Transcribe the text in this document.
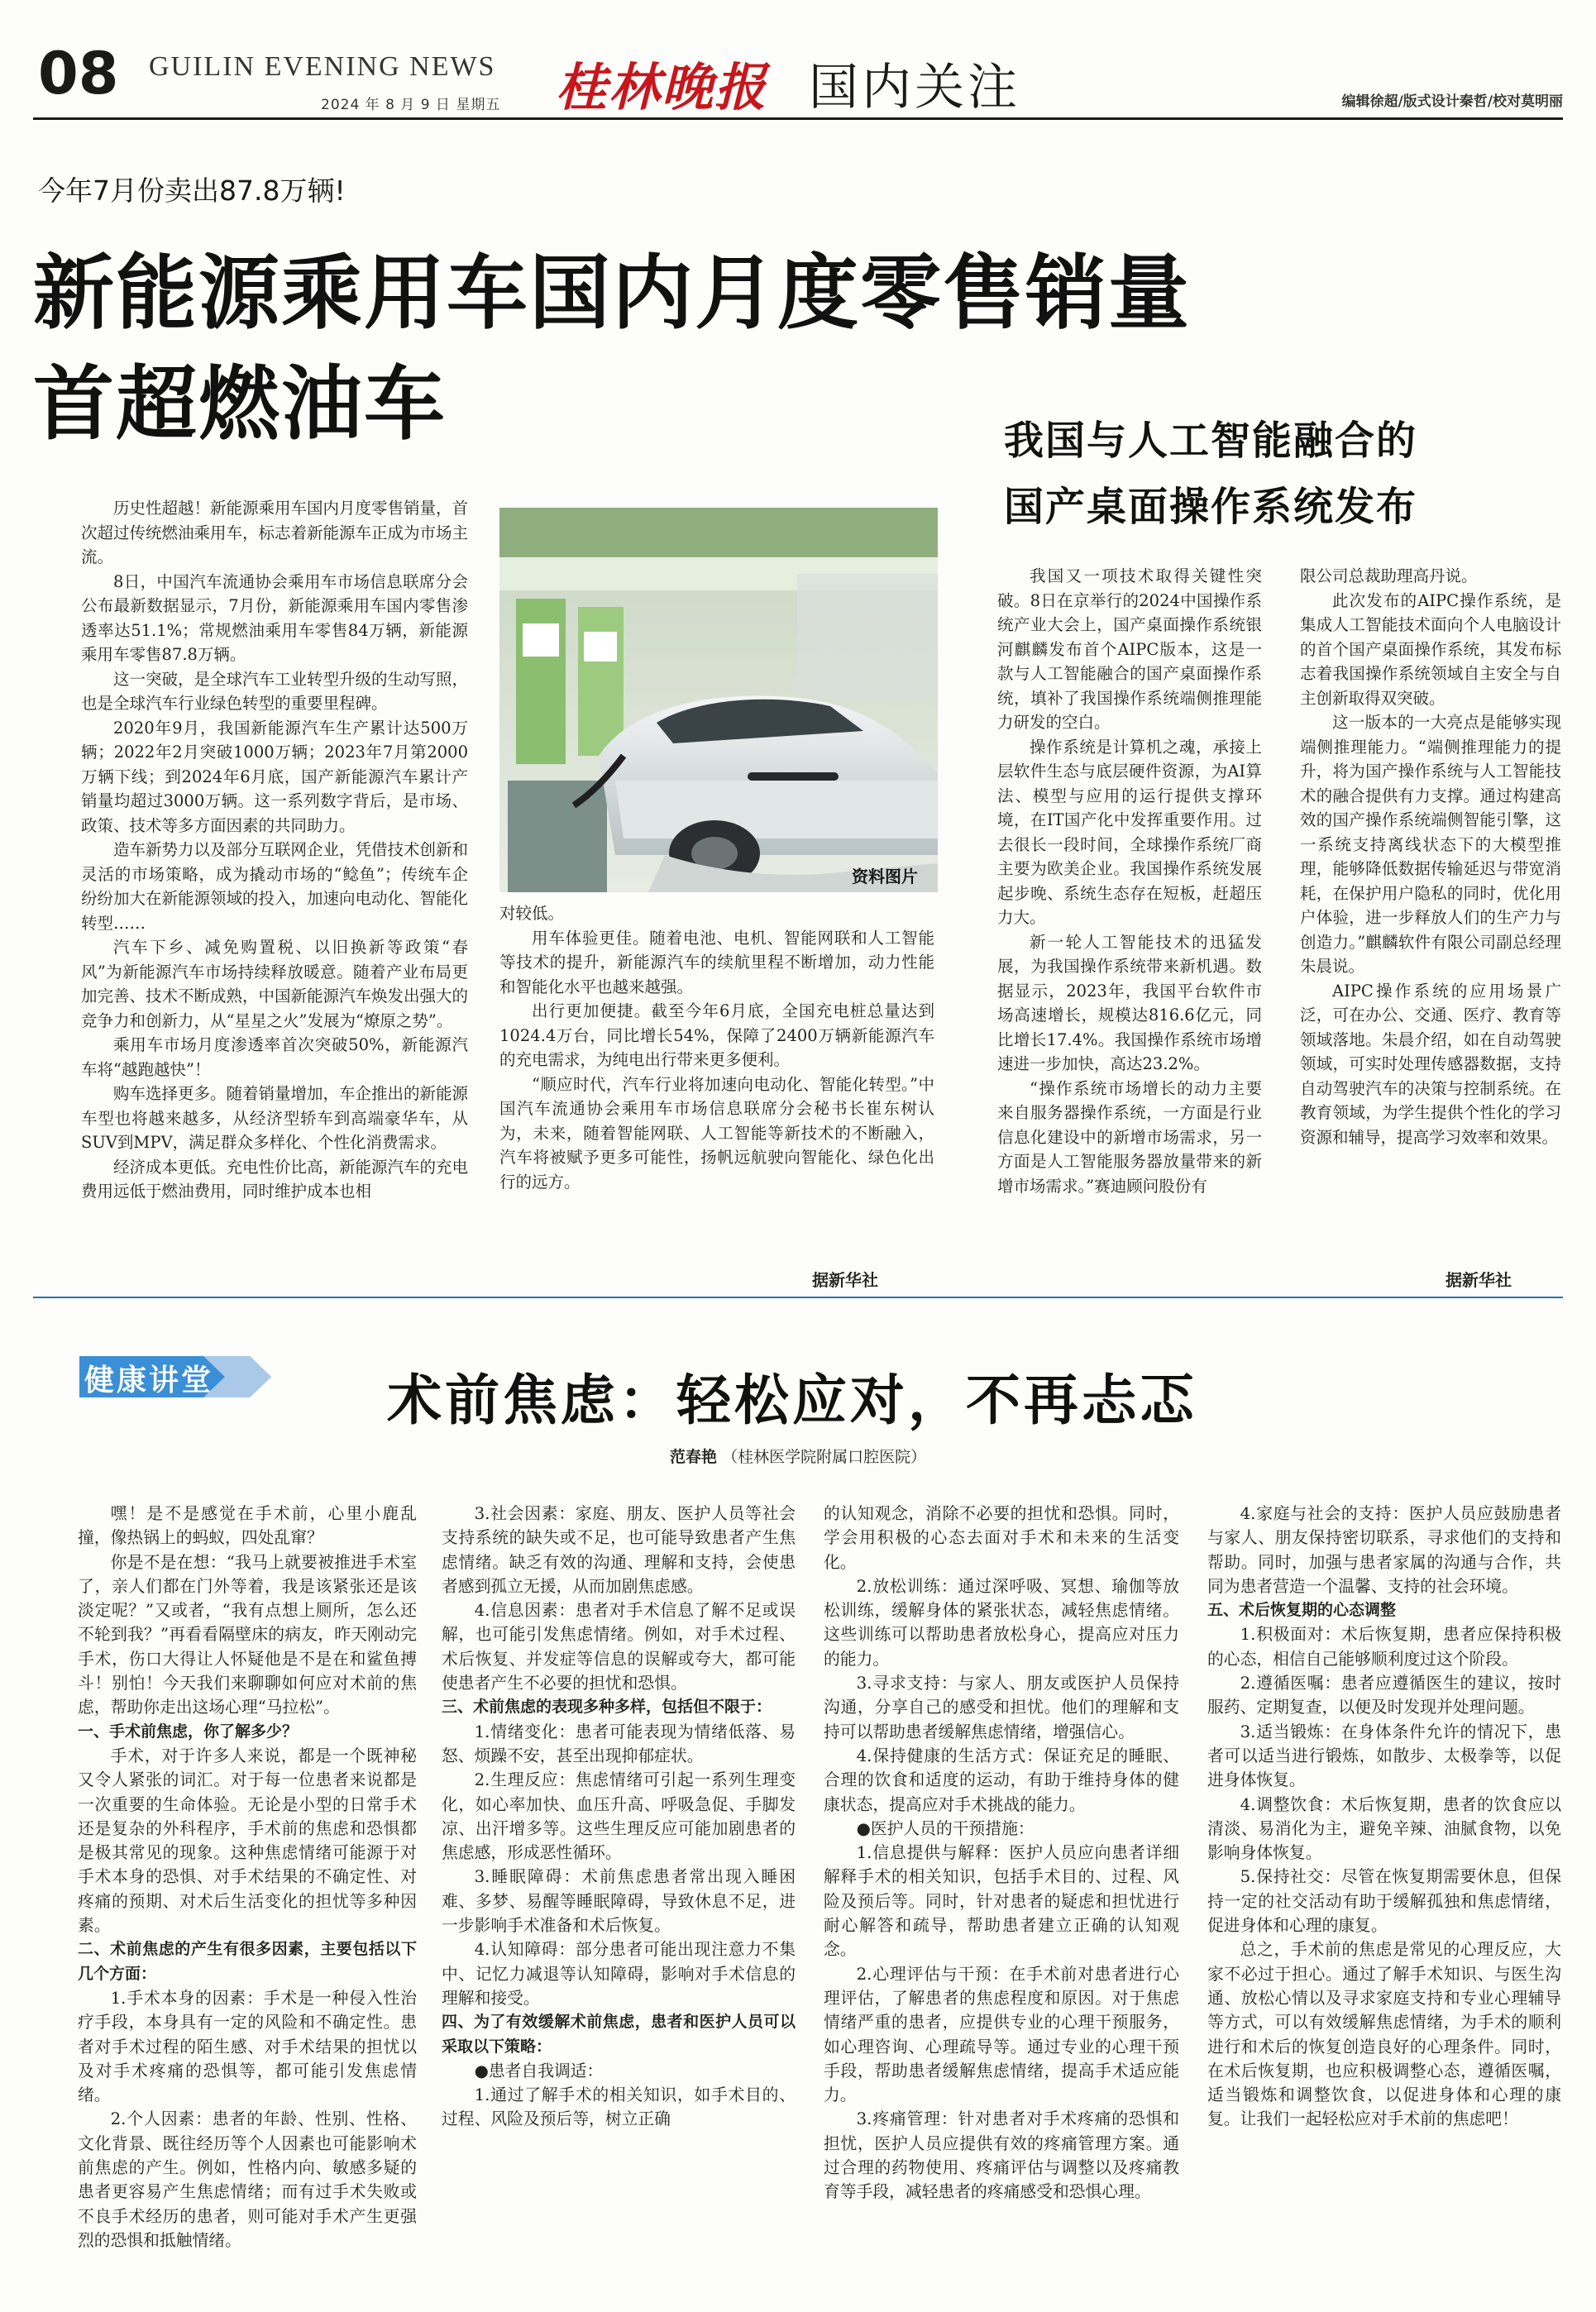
08 GUILIN EVENING NEWS
2024 年 8 月 9 日 星期五 桂林晚报 国内关注	编辑徐超/版式设计秦哲/校对莫明丽
今年7月份卖出87.8万辆!
新能源乘用车国内月度零售销量
首超燃油车

历史性超越！新能源乘用车国内月度零售销量，首次超过传统燃油乘用车，标志着新能源车正成为市场主流。

8日，中国汽车流通协会乘用车市场信息联席分会公布最新数据显示，7月份，新能源乘用车国内零售渗透率达51.1%；常规燃油乘用车零售84万辆，新能源乘用车零售87.8万辆。

这一突破，是全球汽车工业转型升级的生动写照，也是全球汽车行业绿色转型的重要里程碑。

2020年9月，我国新能源汽车生产累计达500万辆；2022年2月突破1000万辆；2023年7月第2000万辆下线；到2024年6月底，国产新能源汽车累计产销量均超过3000万辆。这一系列数字背后，是市场、政策、技术等多方面因素的共同助力。

造车新势力以及部分互联网企业，凭借技术创新和灵活的市场策略，成为撬动市场的“鲶鱼”；传统车企纷纷加大在新能源领域的投入，加速向电动化、智能化转型……

汽车下乡、减免购置税、以旧换新等政策“春风”为新能源汽车市场持续释放暖意。随着产业布局更加完善、技术不断成熟，中国新能源汽车焕发出强大的竞争力和创新力，从“星星之火”发展为“燎原之势”。

乘用车市场月度渗透率首次突破50%，新能源汽车将“越跑越快”！

购车选择更多。随着销量增加，车企推出的新能源车型也将越来越多，从经济型轿车到高端豪华车，从SUV到MPV，满足群众多样化、个性化消费需求。

经济成本更低。充电性价比高，新能源汽车的充电费用远低于燃油费用，同时维护成本也相

对较低。

用车体验更佳。随着电池、电机、智能网联和人工智能等技术的提升，新能源汽车的续航里程不断增加，动力性能和智能化水平也越来越强。

出行更加便捷。截至今年6月底，全国充电桩总量达到1024.4万台，同比增长54%，保障了2400万辆新能源汽车的充电需求，为纯电出行带来更多便利。

“顺应时代，汽车行业将加速向电动化、智能化转型。”中国汽车流通协会乘用车市场信息联席分会秘书长崔东树认为，未来，随着智能网联、人工智能等新技术的不断融入，汽车将被赋予更多可能性，扬帆远航驶向智能化、绿色化出行的远方。

据新华社
资料图片
我国与人工智能融合的
国产桌面操作系统发布

我国又一项技术取得关键性突破。8日在京举行的2024中国操作系统产业大会上，国产桌面操作系统银河麒麟发布首个AIPC版本，这是一款与人工智能融合的国产桌面操作系统，填补了我国操作系统端侧推理能力研发的空白。

操作系统是计算机之魂，承接上层软件生态与底层硬件资源，为AI算法、模型与应用的运行提供支撑环境，在IT国产化中发挥重要作用。过去很长一段时间，全球操作系统厂商主要为欧美企业。我国操作系统发展起步晚、系统生态存在短板，赶超压力大。

新一轮人工智能技术的迅猛发展，为我国操作系统带来新机遇。数据显示，2023年，我国平台软件市场高速增长，规模达816.6亿元，同比增长17.4%。我国操作系统市场增速进一步加快，高达23.2%。

“操作系统市场增长的动力主要来自服务器操作系统，一方面是行业信息化建设中的新增市场需求，另一方面是人工智能服务器放量带来的新增市场需求。”赛迪顾问股份有

限公司总裁助理高丹说。

此次发布的AIPC操作系统，是集成人工智能技术面向个人电脑设计的首个国产桌面操作系统，其发布标志着我国操作系统领域自主安全与自主创新取得双突破。

这一版本的一大亮点是能够实现端侧推理能力。“端侧推理能力的提升，将为国产操作系统与人工智能技术的融合提供有力支撑。通过构建高效的国产操作系统端侧智能引擎，这一系统支持离线状态下的大模型推理，能够降低数据传输延迟与带宽消耗，在保护用户隐私的同时，优化用户体验，进一步释放人们的生产力与创造力。”麒麟软件有限公司副总经理朱晨说。

AIPC操作系统的应用场景广泛，可在办公、交通、医疗、教育等领域落地。朱晨介绍，如在自动驾驶领域，可实时处理传感器数据，支持自动驾驶汽车的决策与控制系统。在教育领域，为学生提供个性化的学习资源和辅导，提高学习效率和效果。

据新华社
健康讲堂	术前焦虑：轻松应对，不再忐忑
范春艳 （桂林医学院附属口腔医院）

嘿！是不是感觉在手术前，心里小鹿乱撞，像热锅上的蚂蚁，四处乱窜？

你是不是在想：“我马上就要被推进手术室了，亲人们都在门外等着，我是该紧张还是该淡定呢？”又或者，“我有点想上厕所，怎么还不轮到我？”再看看隔壁床的病友，昨天刚动完手术，伤口大得让人怀疑他是不是在和鲨鱼搏斗！别怕！今天我们来聊聊如何应对术前的焦虑，帮助你走出这场心理“马拉松”。

一、手术前焦虑，你了解多少？

手术，对于许多人来说，都是一个既神秘又令人紧张的词汇。对于每一位患者来说都是一次重要的生命体验。无论是小型的日常手术还是复杂的外科程序，手术前的焦虑和恐惧都是极其常见的现象。这种焦虑情绪可能源于对手术本身的恐惧、对手术结果的不确定性、对疼痛的预期、对术后生活变化的担忧等多种因素。

二、术前焦虑的产生有很多因素，主要包括以下几个方面：

1.手术本身的因素：手术是一种侵入性治疗手段，本身具有一定的风险和不确定性。患者对手术过程的陌生感、对手术结果的担忧以及对手术疼痛的恐惧等，都可能引发焦虑情绪。

2.个人因素：患者的年龄、性别、性格、文化背景、既往经历等个人因素也可能影响术前焦虑的产生。例如，性格内向、敏感多疑的患者更容易产生焦虑情绪；而有过手术失败或不良手术经历的患者，则可能对手术产生更强烈的恐惧和抵触情绪。

3.社会因素：家庭、朋友、医护人员等社会支持系统的缺失或不足，也可能导致患者产生焦虑情绪。缺乏有效的沟通、理解和支持，会使患者感到孤立无援，从而加剧焦虑感。

4.信息因素：患者对手术信息了解不足或误解，也可能引发焦虑情绪。例如，对手术过程、术后恢复、并发症等信息的误解或夸大，都可能使患者产生不必要的担忧和恐惧。

三、术前焦虑的表现多种多样，包括但不限于：

1.情绪变化：患者可能表现为情绪低落、易怒、烦躁不安，甚至出现抑郁症状。

2.生理反应：焦虑情绪可引起一系列生理变化，如心率加快、血压升高、呼吸急促、手脚发凉、出汗增多等。这些生理反应可能加剧患者的焦虑感，形成恶性循环。

3.睡眠障碍：术前焦虑患者常出现入睡困难、多梦、易醒等睡眠障碍，导致休息不足，进一步影响手术准备和术后恢复。

4.认知障碍：部分患者可能出现注意力不集中、记忆力减退等认知障碍，影响对手术信息的理解和接受。

四、为了有效缓解术前焦虑，患者和医护人员可以采取以下策略：

●患者自我调适：

1.通过了解手术的相关知识，如手术目的、过程、风险及预后等，树立正确

的认知观念，消除不必要的担忧和恐惧。同时，学会用积极的心态去面对手术和未来的生活变化。

2.放松训练：通过深呼吸、冥想、瑜伽等放松训练，缓解身体的紧张状态，减轻焦虑情绪。这些训练可以帮助患者放松身心，提高应对压力的能力。

3.寻求支持：与家人、朋友或医护人员保持沟通，分享自己的感受和担忧。他们的理解和支持可以帮助患者缓解焦虑情绪，增强信心。

4.保持健康的生活方式：保证充足的睡眠、合理的饮食和适度的运动，有助于维持身体的健康状态，提高应对手术挑战的能力。

●医护人员的干预措施：

1.信息提供与解释：医护人员应向患者详细解释手术的相关知识，包括手术目的、过程、风险及预后等。同时，针对患者的疑虑和担忧进行耐心解答和疏导，帮助患者建立正确的认知观念。

2.心理评估与干预：在手术前对患者进行心理评估，了解患者的焦虑程度和原因。对于焦虑情绪严重的患者，应提供专业的心理干预服务，如心理咨询、心理疏导等。通过专业的心理干预手段，帮助患者缓解焦虑情绪，提高手术适应能力。

3.疼痛管理：针对患者对手术疼痛的恐惧和担忧，医护人员应提供有效的疼痛管理方案。通过合理的药物使用、疼痛评估与调整以及疼痛教育等手段，减轻患者的疼痛感受和恐惧心理。

4.家庭与社会的支持：医护人员应鼓励患者与家人、朋友保持密切联系，寻求他们的支持和帮助。同时，加强与患者家属的沟通与合作，共同为患者营造一个温馨、支持的社会环境。

五、术后恢复期的心态调整

1.积极面对：术后恢复期，患者应保持积极的心态，相信自己能够顺利度过这个阶段。

2.遵循医嘱：患者应遵循医生的建议，按时服药、定期复查，以便及时发现并处理问题。

3.适当锻炼：在身体条件允许的情况下，患者可以适当进行锻炼，如散步、太极拳等，以促进身体恢复。

4.调整饮食：术后恢复期，患者的饮食应以清淡、易消化为主，避免辛辣、油腻食物，以免影响身体恢复。

5.保持社交：尽管在恢复期需要休息，但保持一定的社交活动有助于缓解孤独和焦虑情绪，促进身体和心理的康复。

总之，手术前的焦虑是常见的心理反应，大家不必过于担心。通过了解手术知识、与医生沟通、放松心情以及寻求家庭支持和专业心理辅导等方式，可以有效缓解焦虑情绪，为手术的顺利进行和术后的恢复创造良好的心理条件。同时，在术后恢复期，也应积极调整心态，遵循医嘱，适当锻炼和调整饮食，以促进身体和心理的康复。让我们一起轻松应对手术前的焦虑吧！
